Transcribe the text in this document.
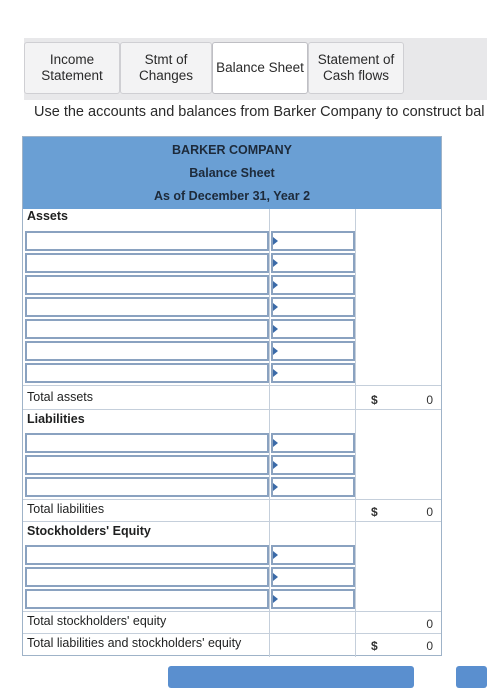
Income
Statement
Stmt of
Changes
Balance Sheet
Statement of
Cash flows
Use the accounts and balances from Barker Company to construct bal
BARKER COMPANY
Balance Sheet
As of December 31, Year 2
Assets
Total assets	$	0
Liabilities
Total liabilities	$	0
Stockholders' Equity
Total stockholders' equity	0
Total liabilities and stockholders' equity	$	0
